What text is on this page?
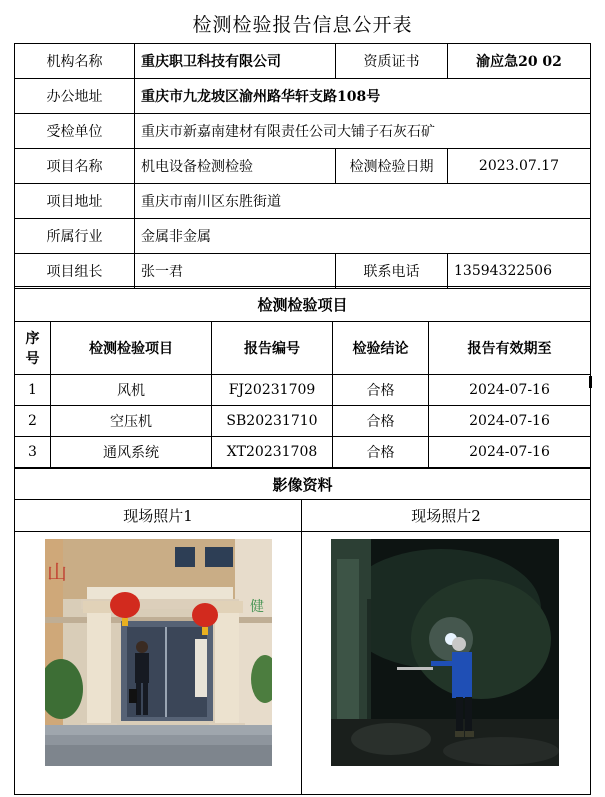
检测检验报告信息公开表
机构名称	重庆职卫科技有限公司	资质证书	渝应急20 02
办公地址	重庆市九龙坡区渝州路华轩支路108号		
受检单位	重庆市新嘉南建材有限责任公司大铺子石灰石矿		
项目名称	机电设备检测检验	检测检验日期	2023.07.17
项目地址	重庆市南川区东胜街道		
所属行业	金属非金属		
项目组长	张一君	联系电话	13594322506
检测检验项目				
序号	检测检验项目	报告编号	检验结论	报告有效期至
1	风机	FJ20231709	合格	2024-07-16
2	空压机	SB20231710	合格	2024-07-16
3	通风系统	XT20231708	合格	2024-07-16
影像资料	
现场照片1	现场照片2

山
健
